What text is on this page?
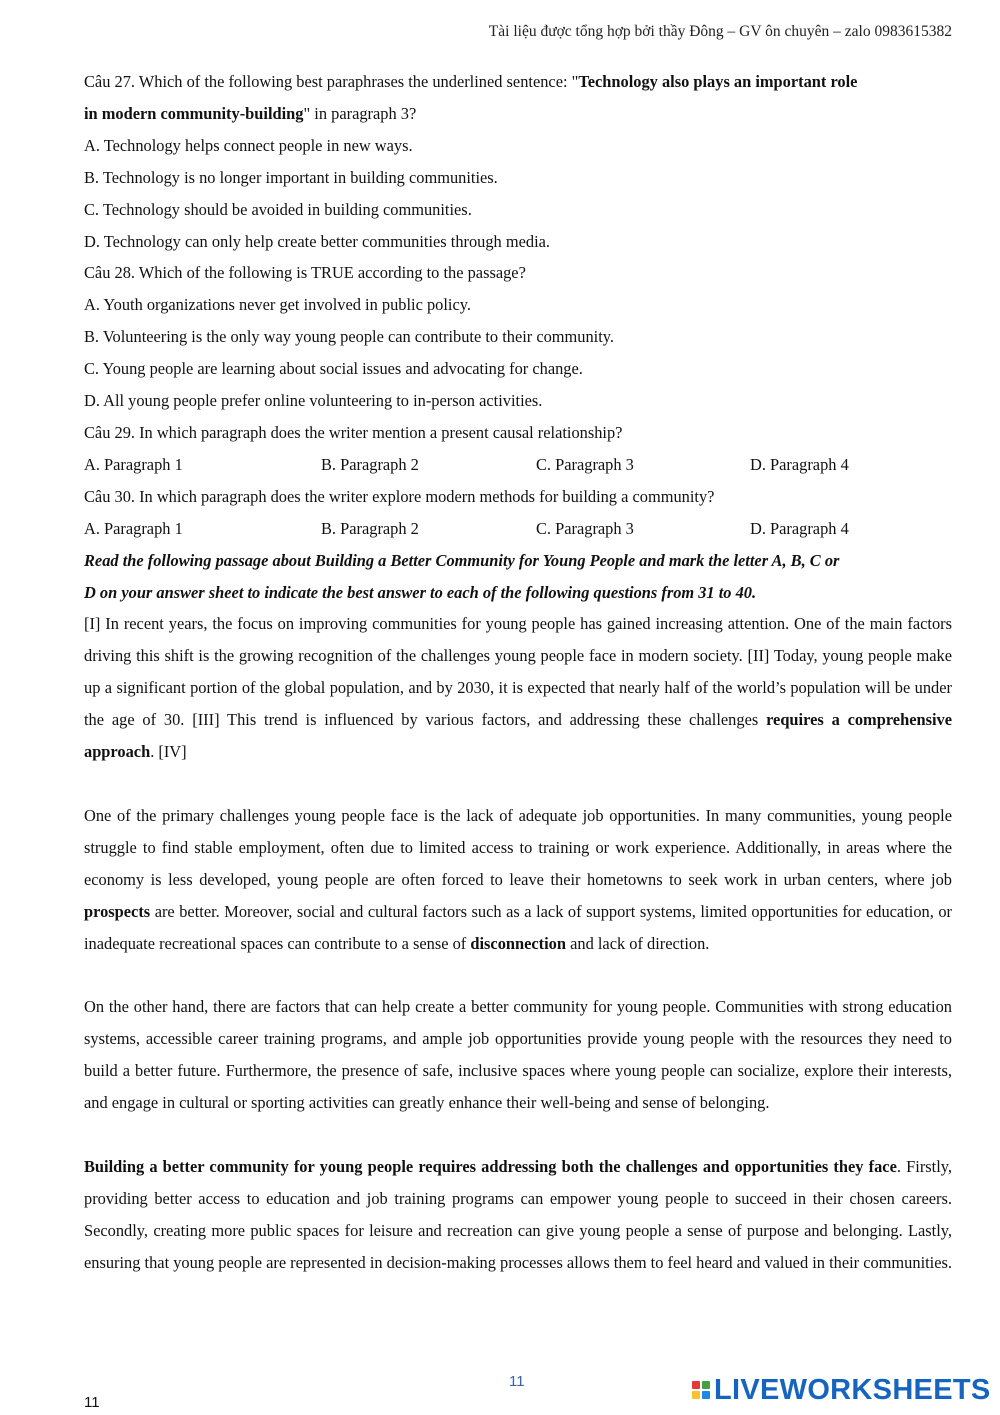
Tài liệu được tổng hợp bởi thầy Đông – GV ôn chuyên – zalo 0983615382
Câu 27. Which of the following best paraphrases the underlined sentence: "Technology also plays an important role
in modern community-building" in paragraph 3?
A. Technology helps connect people in new ways.
B. Technology is no longer important in building communities.
C. Technology should be avoided in building communities.
D. Technology can only help create better communities through media.
Câu 28. Which of the following is TRUE according to the passage?
A. Youth organizations never get involved in public policy.
B. Volunteering is the only way young people can contribute to their community.
C. Young people are learning about social issues and advocating for change.
D. All young people prefer online volunteering to in-person activities.
Câu 29. In which paragraph does the writer mention a present causal relationship?
A. Paragraph 1	B. Paragraph 2	C. Paragraph 3	D. Paragraph 4
Câu 30. In which paragraph does the writer explore modern methods for building a community?
A. Paragraph 1	B. Paragraph 2	C. Paragraph 3	D. Paragraph 4
Read the following passage about Building a Better Community for Young People and mark the letter A, B, C or
D on your answer sheet to indicate the best answer to each of the following questions from 31 to 40.

[I] In recent years, the focus on improving communities for young people has gained increasing attention. One of the main factors driving this shift is the growing recognition of the challenges young people face in modern society. [II] Today, young people make up a significant portion of the global population, and by 2030, it is expected that nearly half of the world’s population will be under the age of 30. [III] This trend is influenced by various factors, and addressing these challenges requires a comprehensive approach. [IV]

One of the primary challenges young people face is the lack of adequate job opportunities. In many communities, young people struggle to find stable employment, often due to limited access to training or work experience. Additionally, in areas where the economy is less developed, young people are often forced to leave their hometowns to seek work in urban centers, where job prospects are better. Moreover, social and cultural factors such as a lack of support systems, limited opportunities for education, or inadequate recreational spaces can contribute to a sense of disconnection and lack of direction.

On the other hand, there are factors that can help create a better community for young people. Communities with strong education systems, accessible career training programs, and ample job opportunities provide young people with the resources they need to build a better future. Furthermore, the presence of safe, inclusive spaces where young people can socialize, explore their interests, and engage in cultural or sporting activities can greatly enhance their well-being and sense of belonging.

Building a better community for young people requires addressing both the challenges and opportunities they face. Firstly, providing better access to education and job training programs can empower young people to succeed in their chosen careers. Secondly, creating more public spaces for leisure and recreation can give young people a sense of purpose and belonging. Lastly, ensuring that young people are represented in decision-making processes allows them to feel heard and valued in their communities.

11
11	LIVEWORKSHEETS
